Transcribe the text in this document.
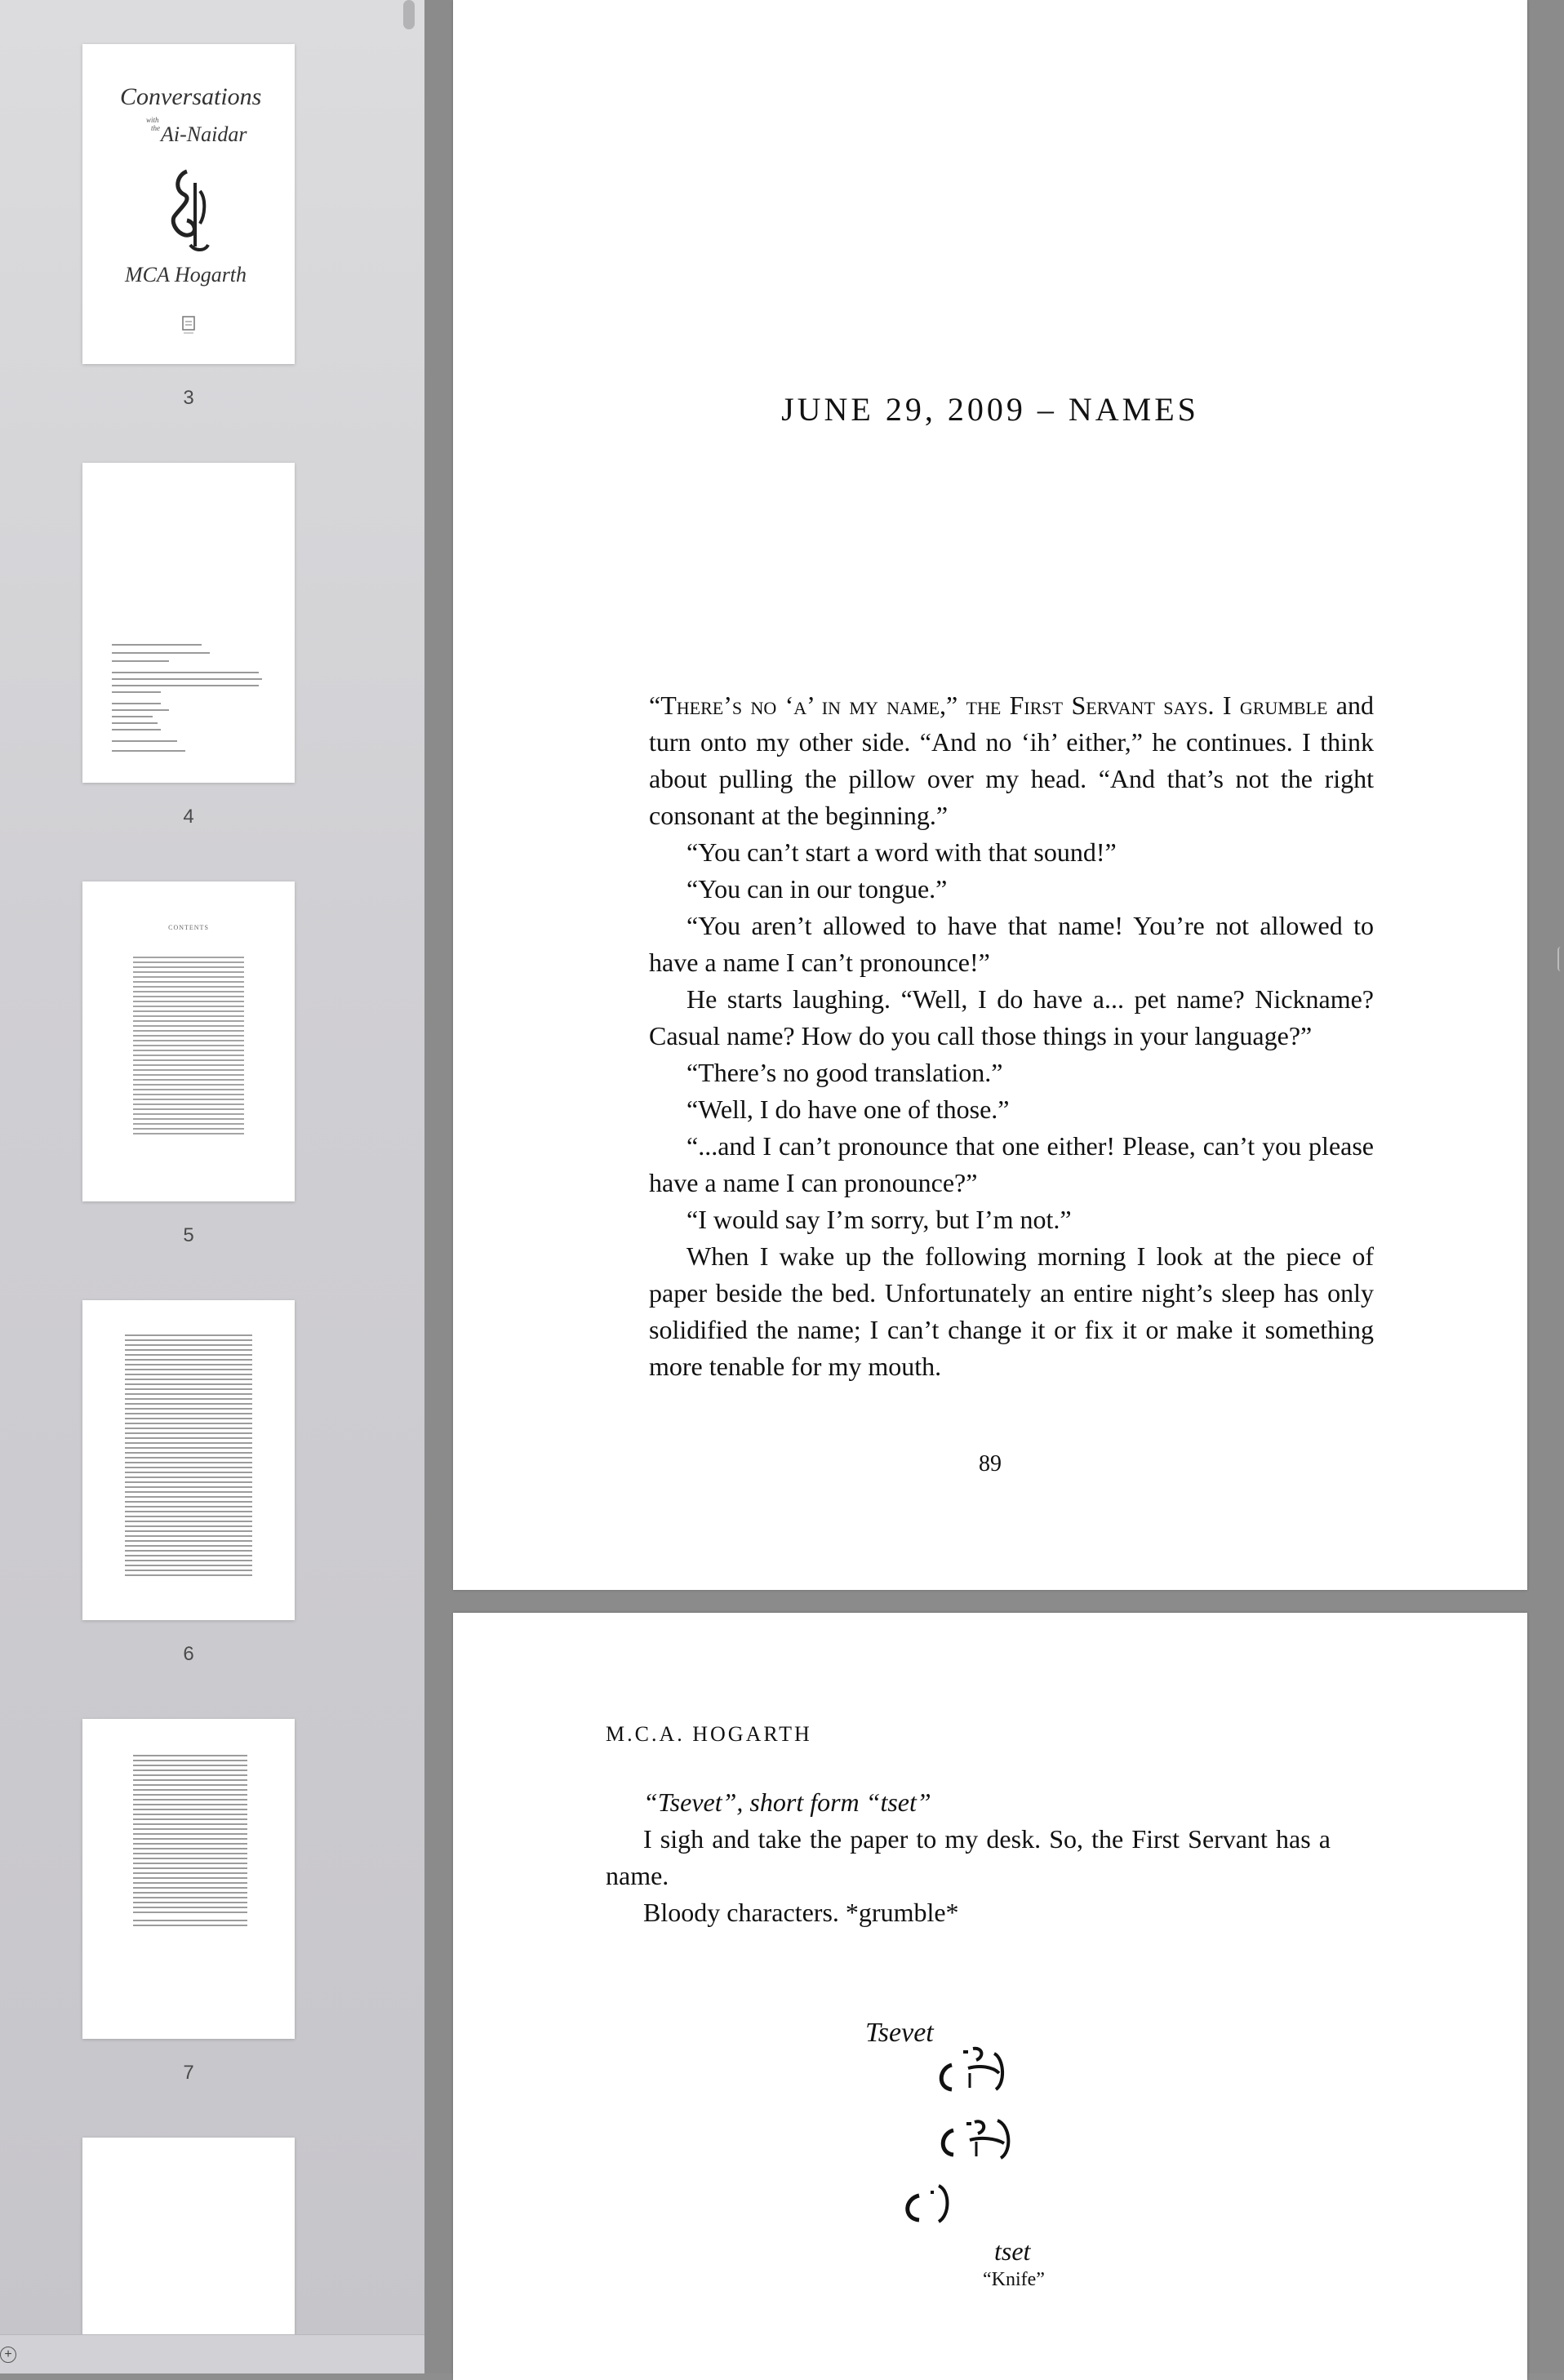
Conversations
with
the Ai-Naidar
MCA Hogarth
3
4
CONTENTS
5
6
7
+
JUNE 29, 2009 – NAMES

“There’s no ‘a’ in my name,” the First Servant says. I grumble and turn onto my other side. “And no ‘ih’ either,” he continues. I think about pulling the pillow over my head. “And that’s not the right consonant at the beginning.”

“You can’t start a word with that sound!”

“You can in our tongue.”

“You aren’t allowed to have that name! You’re not allowed to have a name I can’t pronounce!”

He starts laughing. “Well, I do have a... pet name? Nickname? Casual name? How do you call those things in your language?”

“There’s no good translation.”

“Well, I do have one of those.”

“...and I can’t pronounce that one either! Please, can’t you please have a name I can pronounce?”

“I would say I’m sorry, but I’m not.”

When I wake up the following morning I look at the piece of paper beside the bed. Unfortunately an entire night’s sleep has only solidified the name; I can’t change it or fix it or make it something more tenable for my mouth.

89
M.C.A. HOGARTH

“Tsevet”, short form “tset”

I sigh and take the paper to my desk. So, the First Servant has a name.

Bloody characters. *grumble*

Tsevet
tset
“Knife”
